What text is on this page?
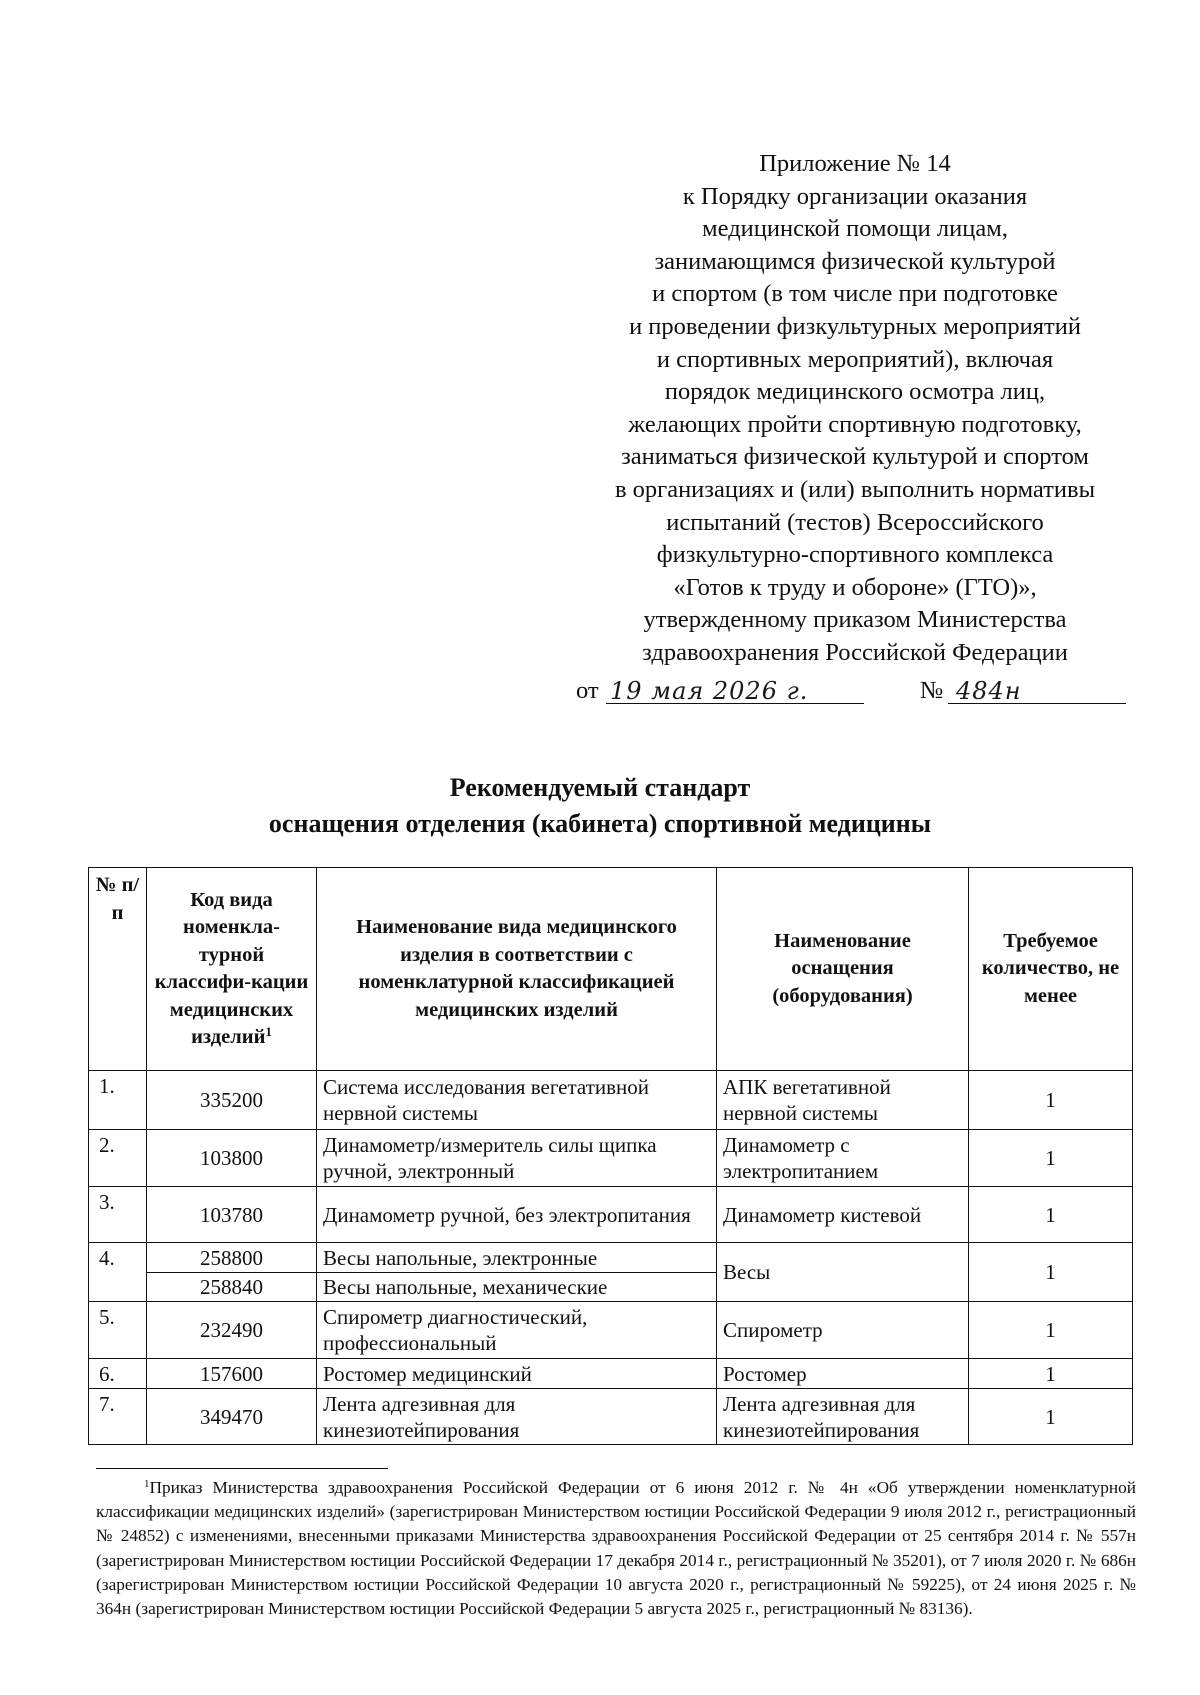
Приложение № 14
к Порядку организации оказания
медицинской помощи лицам,
занимающимся физической культурой
и спортом (в том числе при подготовке
и проведении физкультурных мероприятий
и спортивных мероприятий), включая
порядок медицинского осмотра лиц,
желающих пройти спортивную подготовку,
заниматься физической культурой и спортом
в организациях и (или) выполнить нормативы
испытаний (тестов) Всероссийского
физкультурно-спортивного комплекса
«Готов к труду и обороне» (ГТО)»,
утвержденному приказом Министерства
здравоохранения Российской Федерации
от 19 мая 2026 г.	№ 484н
Рекомендуемый стандарт
оснащения отделения (кабинета) спортивной медицины
№ п/п	Код вида номенкла-турной классифи-кации медицинских изделий$^1$	Наименование вида медицинского изделия в соответствии с номенклатурной классификацией медицинских изделий	Наименование оснащения (оборудования)	Требуемое количество, не менее
1.	335200	Система исследования вегетативной нервной системы	АПК вегетативной нервной системы	1
2.	103800	Динамометр/измеритель силы щипка ручной, электронный	Динамометр с электропитанием	1
3.	103780	Динамометр ручной, без электропитания	Динамометр кистевой	1
4.	258800	Весы напольные, электронные	Весы	1
	258840	Весы напольные, механические		
5.	232490	Спирометр диагностический, профессиональный	Спирометр	1
6.	157600	Ростомер медицинский	Ростомер	1
7.	349470	Лента адгезивная для кинезиотейпирования	Лента адгезивная для кинезиотейпирования	1
$^1$Приказ Министерства здравоохранения Российской Федерации от 6 июня 2012 г. № 4н «Об утверждении номенклатурной классификации медицинских изделий» (зарегистрирован Министерством юстиции Российской Федерации 9 июля 2012 г., регистрационный № 24852) с изменениями, внесенными приказами Министерства здравоохранения Российской Федерации от 25 сентября 2014 г. № 557н (зарегистрирован Министерством юстиции Российской Федерации 17 декабря 2014 г., регистрационный № 35201), от 7 июля 2020 г. № 686н (зарегистрирован Министерством юстиции Российской Федерации 10 августа 2020 г., регистрационный № 59225), от 24 июня 2025 г. № 364н (зарегистрирован Министерством юстиции Российской Федерации 5 августа 2025 г., регистрационный № 83136).
